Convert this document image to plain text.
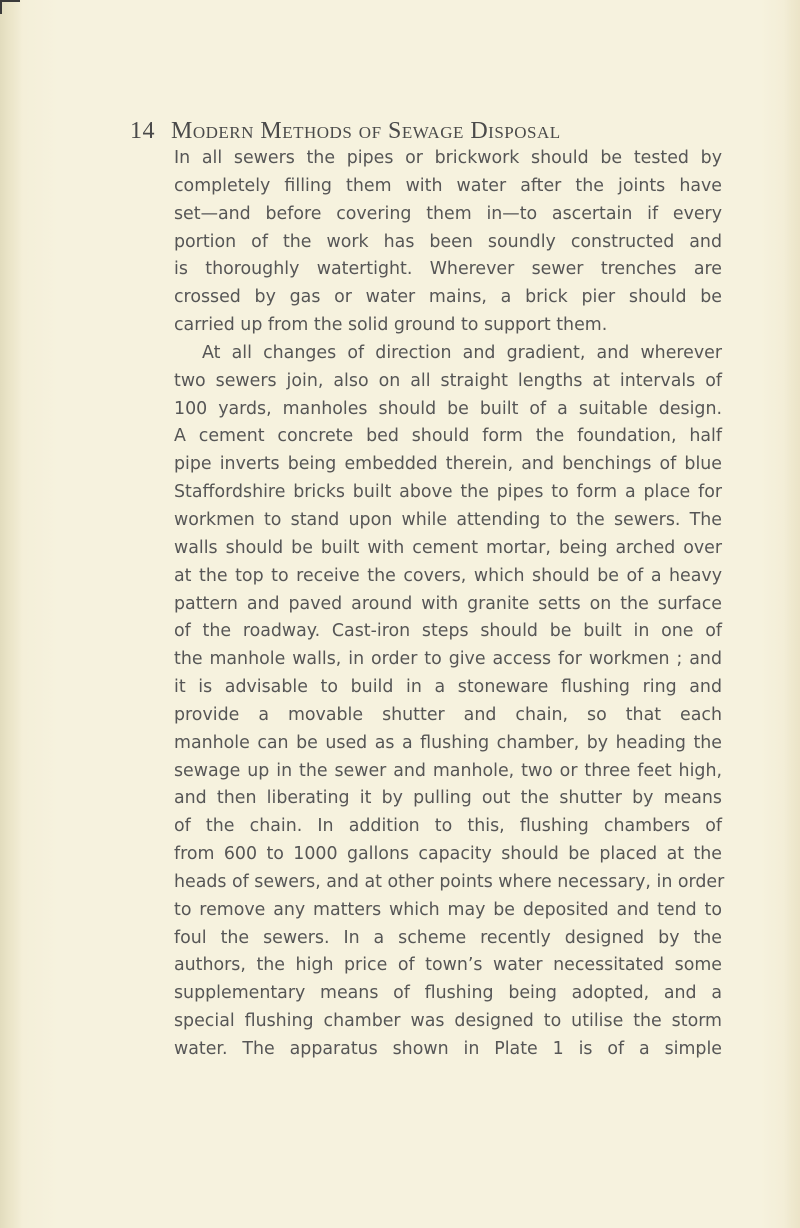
14 Modern Methods of Sewage Disposal
In all sewers the pipes or brickwork should be tested by
completely filling them with water after the joints have
set—and before covering them in—to ascertain if every
portion of the work has been soundly constructed and
is thoroughly watertight. Wherever sewer trenches are
crossed by gas or water mains, a brick pier should be
carried up from the solid ground to support them.
At all changes of direction and gradient, and wherever
two sewers join, also on all straight lengths at intervals of
100 yards, manholes should be built of a suitable design.
A cement concrete bed should form the foundation, half
pipe inverts being embedded therein, and benchings of blue
Staffordshire bricks built above the pipes to form a place for
workmen to stand upon while attending to the sewers. The
walls should be built with cement mortar, being arched over
at the top to receive the covers, which should be of a heavy
pattern and paved around with granite setts on the surface
of the roadway. Cast-iron steps should be built in one of
the manhole walls, in order to give access for workmen ; and
it is advisable to build in a stoneware flushing ring and
provide a movable shutter and chain, so that each
manhole can be used as a flushing chamber, by heading the
sewage up in the sewer and manhole, two or three feet high,
and then liberating it by pulling out the shutter by means
of the chain. In addition to this, flushing chambers of
from 600 to 1000 gallons capacity should be placed at the
heads of sewers, and at other points where necessary, in order
to remove any matters which may be deposited and tend to
foul the sewers. In a scheme recently designed by the
authors, the high price of town’s water necessitated some
supplementary means of flushing being adopted, and a
special flushing chamber was designed to utilise the storm
water. The apparatus shown in Plate 1 is of a simple
